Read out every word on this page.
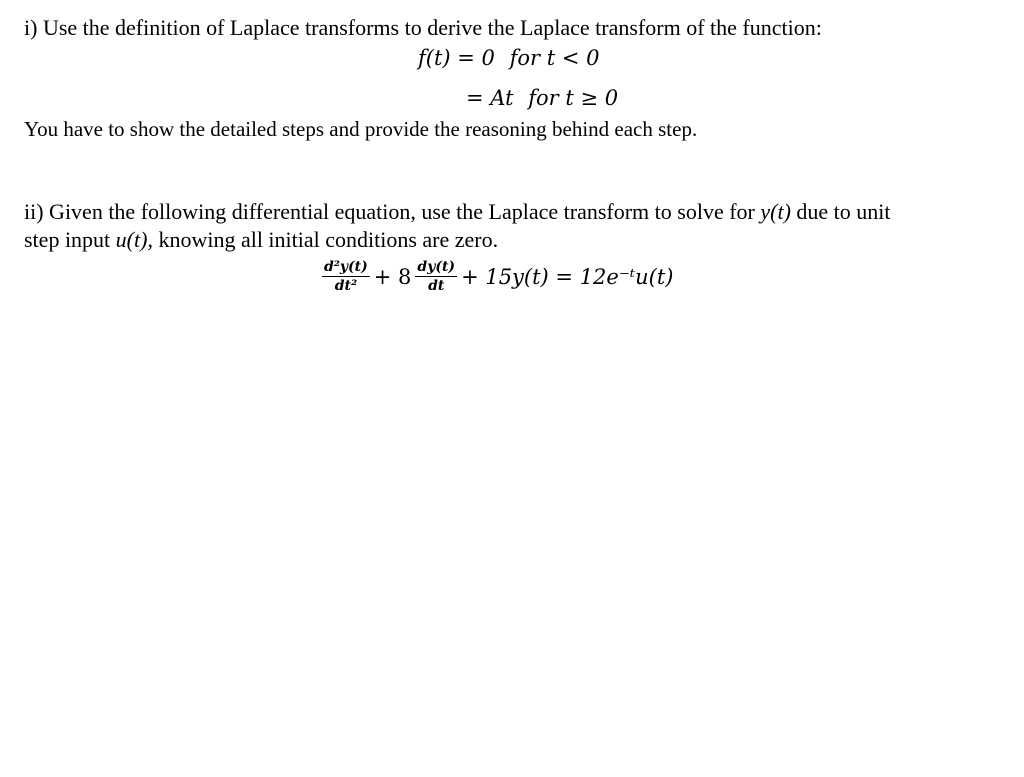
i) Use the definition of Laplace transforms to derive the Laplace transform of the function:
f(t) = 0 for t < 0
= At for t ≥ 0
You have to show the detailed steps and provide the reasoning behind each step.
ii) Given the following differential equation, use the Laplace transform to solve for y(t) due to unit
step input u(t), knowing all initial conditions are zero.
$\frac{\text{d²y(t)}}{\text{dt²}} + 8 \frac{dy(t)}{dt} + 15y(t)$ = 12e⁻ᵗu(t)
